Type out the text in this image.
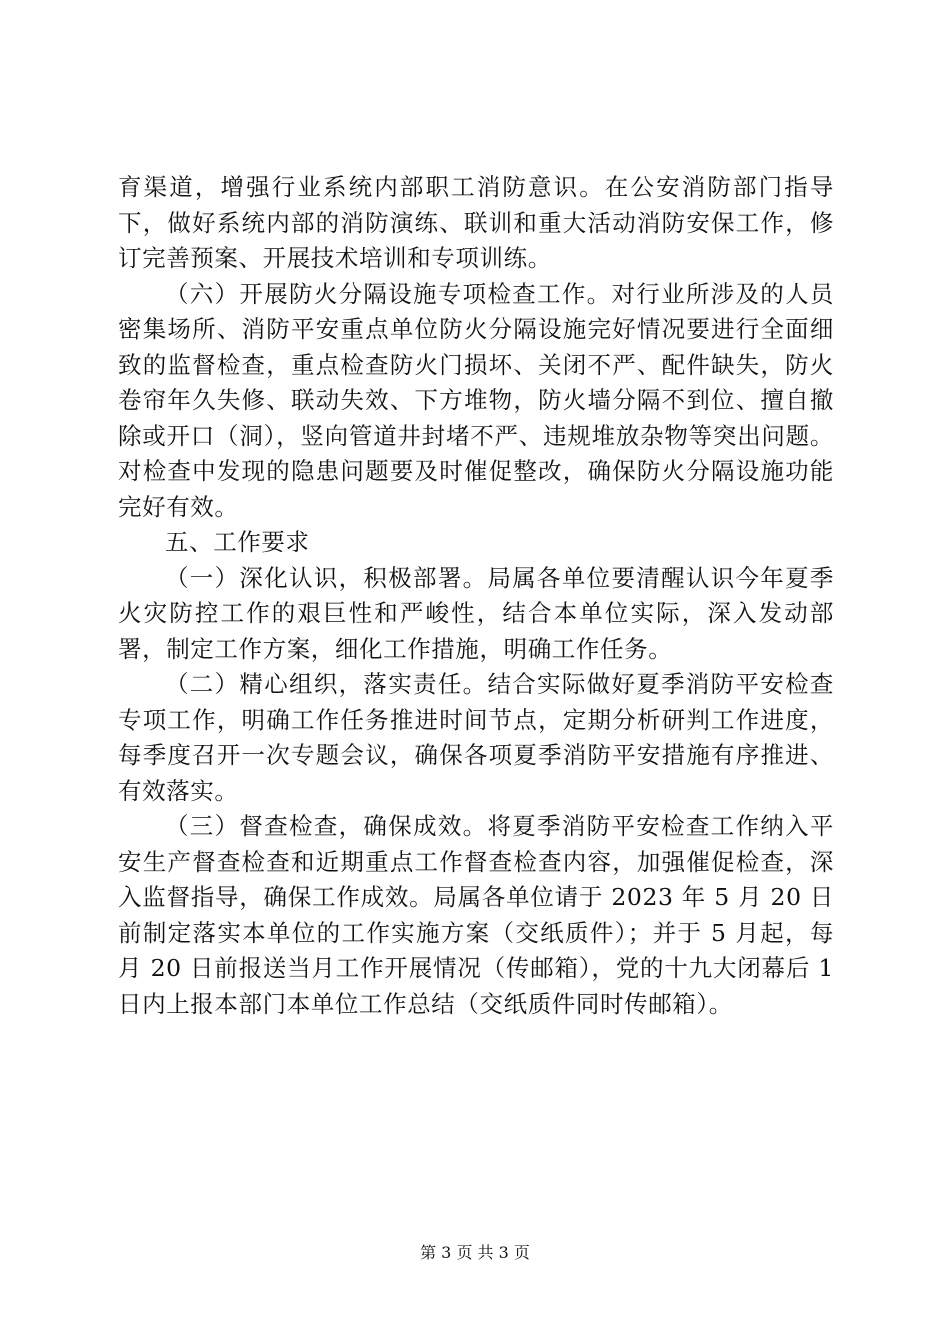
育渠道，增强行业系统内部职工消防意识。在公安消防部门指导下，做好系统内部的消防演练、联训和重大活动消防安保工作，修订完善预案、开展技术培训和专项训练。

（六）开展防火分隔设施专项检查工作。对行业所涉及的人员密集场所、消防平安重点单位防火分隔设施完好情况要进行全面细致的监督检查，重点检查防火门损坏、关闭不严、配件缺失，防火卷帘年久失修、联动失效、下方堆物，防火墙分隔不到位、擅自撤除或开口（洞），竖向管道井封堵不严、违规堆放杂物等突出问题。对检查中发现的隐患问题要及时催促整改，确保防火分隔设施功能完好有效。

五、工作要求

（一）深化认识，积极部署。局属各单位要清醒认识今年夏季火灾防控工作的艰巨性和严峻性，结合本单位实际，深入发动部署，制定工作方案，细化工作措施，明确工作任务。

（二）精心组织，落实责任。结合实际做好夏季消防平安检查专项工作，明确工作任务推进时间节点，定期分析研判工作进度，每季度召开一次专题会议，确保各项夏季消防平安措施有序推进、有效落实。

（三）督查检查，确保成效。将夏季消防平安检查工作纳入平安生产督查检查和近期重点工作督查检查内容，加强催促检查，深入监督指导，确保工作成效。局属各单位请于 2023 年 5 月 20 日前制定落实本单位的工作实施方案（交纸质件）；并于 5 月起，每月 20 日前报送当月工作开展情况（传邮箱），党的十九大闭幕后 1 日内上报本部门本单位工作总结（交纸质件同时传邮箱）。

第 3 页 共 3 页
